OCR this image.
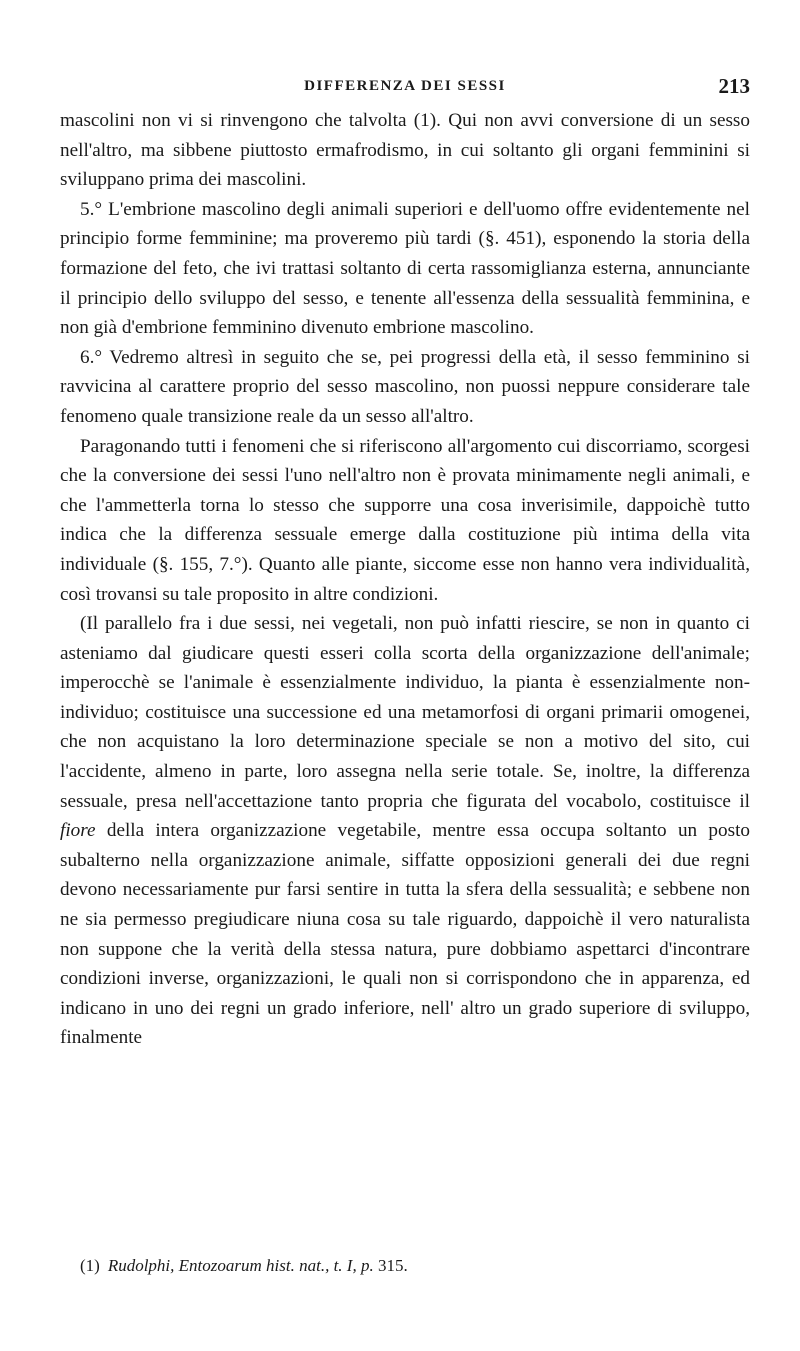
DIFFERENZA DEI SESSI	213

mascolini non vi si rinvengono che talvolta (1). Qui non avvi conversione di un sesso nell'altro, ma sibbene piuttosto ermafrodismo, in cui soltanto gli organi femminini si sviluppano prima dei mascolini.

5.° L'embrione mascolino degli animali superiori e dell'uomo offre evidentemente nel principio forme femminine; ma proveremo più tardi (§. 451), esponendo la storia della formazione del feto, che ivi trattasi soltanto di certa rassomiglianza esterna, annunciante il principio dello sviluppo del sesso, e tenente all'essenza della sessualità femminina, e non già d'embrione femminino divenuto embrione mascolino.

6.° Vedremo altresì in seguito che se, pei progressi della età, il sesso femminino si ravvicina al carattere proprio del sesso mascolino, non puossi neppure considerare tale fenomeno quale transizione reale da un sesso all'altro.

Paragonando tutti i fenomeni che si riferiscono all'argomento cui discorriamo, scorgesi che la conversione dei sessi l'uno nell'altro non è provata minimamente negli animali, e che l'ammetterla torna lo stesso che supporre una cosa inverisimile, dappoichè tutto indica che la differenza sessuale emerge dalla costituzione più intima della vita individuale (§. 155, 7.°). Quanto alle piante, siccome esse non hanno vera individualità, così trovansi su tale proposito in altre condizioni.

(Il parallelo fra i due sessi, nei vegetali, non può infatti riescire, se non in quanto ci asteniamo dal giudicare questi esseri colla scorta della organizzazione dell'animale; imperocchè se l'animale è essenzialmente individuo, la pianta è essenzialmente non-individuo; costituisce una successione ed una metamorfosi di organi primarii omogenei, che non acquistano la loro determinazione speciale se non a motivo del sito, cui l'accidente, almeno in parte, loro assegna nella serie totale. Se, inoltre, la differenza sessuale, presa nell'accettazione tanto propria che figurata del vocabolo, costituisce il fiore della intera organizzazione vegetabile, mentre essa occupa soltanto un posto subalterno nella organizzazione animale, siffatte opposizioni generali dei due regni devono necessariamente pur farsi sentire in tutta la sfera della sessualità; e sebbene non ne sia permesso pregiudicare niuna cosa su tale riguardo, dappoichè il vero naturalista non suppone che la verità della stessa natura, pure dobbiamo aspettarci d'incontrare condizioni inverse, organizzazioni, le quali non si corrispondono che in apparenza, ed indicano in uno dei regni un grado inferiore, nell' altro un grado superiore di sviluppo, finalmente

(1) Rudolphi, Entozoarum hist. nat., t. I, p. 315.
